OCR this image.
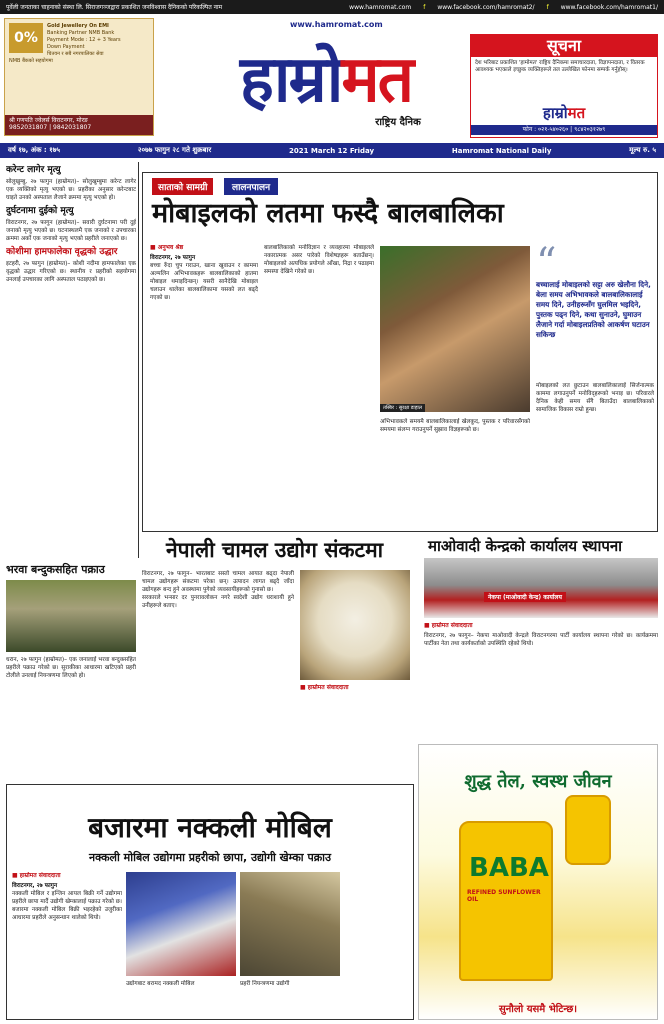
पूर्वेली जनताका चाहनाको संस्था लि. सिराजगञ्जद्वारा प्रकाशित जनविश्वास दैनिकको परिकल्पित नाम	www.hamromat.com f www.facebook.com/hamromat2/ f www.facebook.com/hamromat1/
0%
Gold Jewellery On EMI
Banking Partner NMB Bank
Payment Mode : 12 + 3 Years
Down Payment
चितवन र सबै नगरपालिका सेवा
NMB बैंकको सहयोगमा
श्री गणपति ज्वेलर्स विराटनगर, मोरङ
9852031807 | 9842031807
www.hamromat.com
हाम्रोमत
राष्ट्रिय दैनिक
सूचना
देश भरिबाट प्रकाशित 'हामोमत' राष्ट्रिय दैनिकमा समाचारदाता, विज्ञापनदाता, र वितरक आवश्यक भएकाले इच्छुक व्यक्तिहरूले तल उल्लेखित फोनमा सम्पर्क गर्नुहोस्।
हाम्रोमत
फोन : ०२१-५४०२६० | ९८४२०३१२७९
वर्ष १७, अंक : १७५	२०७७ फागुन २८ गते शुक्रबार	2021 March 12 Friday	Hamromat National Daily	मूल्य रु. ५
करेन्ट लागेर मृत्यु

सोलुखुम्बु, २७ फागुन (हाम्रोमत)– सोलुखुम्बुमा करेन्ट लागेर एक व्यक्तिको मृत्यु भएको छ। प्रहरीका अनुसार करेन्टबाट घाइते उनको अस्पताल लैजाने क्रममा मृत्यु भएको हो।

दुर्घटनामा दुईको मृत्यु

विराटनगर, २७ फागुन (हाम्रोमत)– सवारी दुर्घटनामा परी दुई जनाको मृत्यु भएको छ। घटनास्थलमै एक जनाको र उपचारका क्रममा अर्को एक जनाको मृत्यु भएको प्रहरीले जनाएको छ।

कोशीमा हामफालेका वृद्धको उद्धार

इटहरी, २७ फागुन (हाम्रोमत)– कोशी नदीमा हामफालेका एक वृद्धको उद्धार गरिएको छ। स्थानीय र प्रहरीको सहयोगमा उनलाई उपचारका लागि अस्पताल पठाइएको छ।

साताको सामग्री	लालनपालन
मोबाइलको लतमा फस्दै बालबालिका
■ अनुभव श्रेष्ठ
विराटनगर, २७ फागुन

बच्चा रुँदा चुप गराउन, खाना खुवाउन र काममा अल्मलिन अभिभावकहरू बालबालिकाको हातमा मोबाइल थमाइदिन्छन्। यसरी सानैदेखि मोबाइल चलाउन थालेका बालबालिकामा यसको लत बढ्दै गएको छ।

बालबालिकाको मनोविज्ञान र व्यवहारमा मोबाइलले नकारात्मक असर पारेको विशेषज्ञहरू बताउँछन्। मोबाइलको अत्यधिक प्रयोगले आँखा, निद्रा र पढाइमा समस्या देखिने गरेको छ।

तस्बिर : सुरक्षा डाहाल

अभिभावकले समयमै बालबालिकालाई खेलकुद, पुस्तक र परिवारसँगको समयमा संलग्न गराउनुपर्ने सुझाव विज्ञहरूको छ।

“
बच्चालाई मोबाइलको सट्टा अरु खेलौना दिने, बेला समय अभिभावकले बालबालिकालाई समय दिने, उनीहरूसँग घुलमिल भइदिने, पुस्तक पढ्न दिने, कथा सुनाउने, घुमाउन लैजाने गर्दा मोबाइलप्रतिको आकर्षण घटाउन सकिन्छ

मोबाइलको लत छुटाउन बालबालिकालाई सिर्जनात्मक काममा लगाउनुपर्ने मनोविद्हरूको भनाइ छ। परिवारले दैनिक केही समय सँगै बिताउँदा बालबालिकाको सामाजिक विकास राम्रो हुन्छ।

भरवा बन्दुकसहित पक्राउ
धरान, २७ फागुन (हाम्रोमत)– एक जनालाई भरवा बन्दुकसहित प्रहरीले पक्राउ गरेको छ। सुराकीका आधारमा खटिएको प्रहरी टोलीले उनलाई नियन्त्रणमा लिएको हो।
नेपाली चामल उद्योग संकटमा

विराटनगर, २७ फागुन– भारतबाट सस्तो चामल आयात बढ्दा नेपाली चामल उद्योगहरू संकटमा परेका छन्। उत्पादन लागत बढ्दै जाँदा उद्योगहरू बन्द हुने अवस्थामा पुगेको व्यवसायीहरूको गुनासो छ।

सरकारले भन्सार दर पुनरावलोकन नगरे स्वदेशी उद्योग धराशायी हुने उनीहरूले बताए।

■ हाम्रोमत संवाददाता

माओवादी केन्द्रको कार्यालय स्थापना
नेकपा (माओवादी केन्द्र) कार्यालय

■ हाम्रोमत संवाददाता

विराटनगर, २७ फागुन– नेकपा माओवादी केन्द्रले विराटनगरमा पार्टी कार्यालय स्थापना गरेको छ। कार्यक्रममा पार्टीका नेता तथा कार्यकर्ताको उपस्थिति रहेको थियो।

शुद्ध तेल, स्वस्थ जीवन
BABA
REFINED SUNFLOWER OIL
सुनौलो यसमै भेटिन्छ।
बजारमा नक्कली मोबिल
नक्कली मोबिल उद्योगमा प्रहरीको छापा, उद्योगी खेम्का पक्राउ

■ हाम्रोमत संवाददाता

विराटनगर, २७ फागुन

नक्कली मोबिल र इन्जिन आयल बिक्री गर्ने उद्योगमा प्रहरीले छापा मार्दै उद्योगी खेम्कालाई पक्राउ गरेको छ। बजारमा नक्कली मोबिल बिक्री भइरहेको उजुरीका आधारमा प्रहरीले अनुसन्धान थालेको थियो।

उद्योगबाट बरामद नक्कली मोबिल	प्रहरी नियन्त्रणमा उद्योगी
